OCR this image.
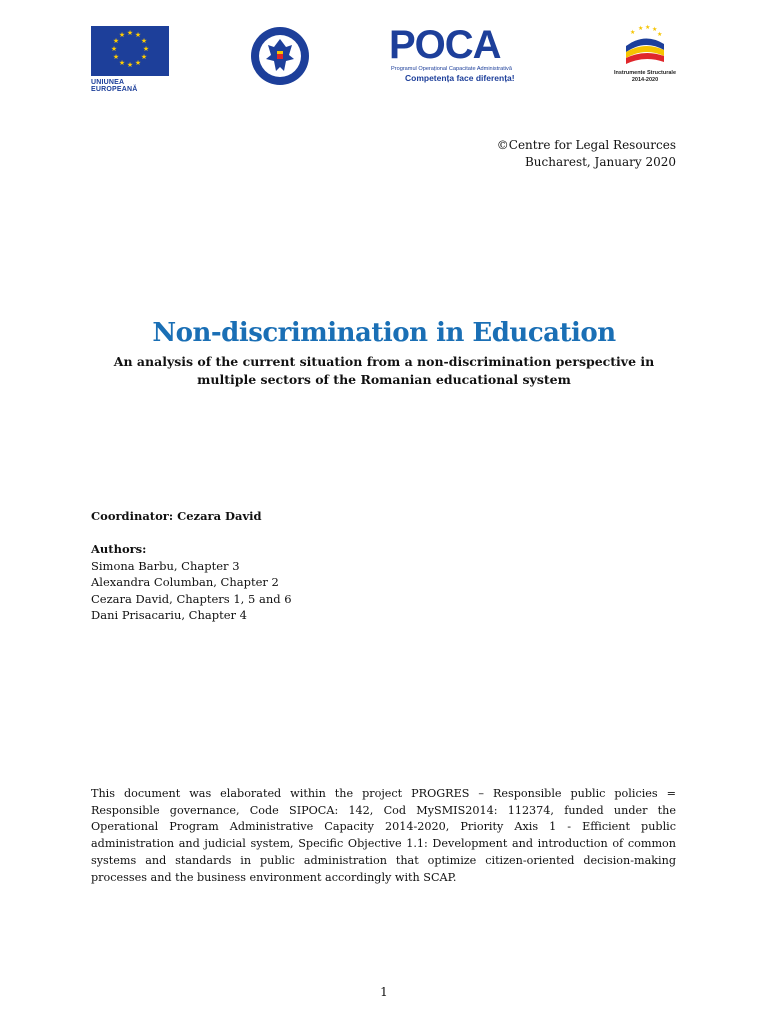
★ ★
★
★
★
★
★
★
★
★
★
★
UNIUNEA EUROPEANĂ
POCA
Programul Operațional Capacitate Administrativă
Competența face diferența!
★ ★ ★
★
★
Instrumente Structurale
2014-2020
©Centre for Legal Resources
Bucharest, January 2020
Non-discrimination in Education
An analysis of the current situation from a non-discrimination perspective in multiple sectors of the Romanian educational system
Coordinator: Cezara David
Authors:
Simona Barbu, Chapter 3
Alexandra Columban, Chapter 2
Cezara David, Chapters 1, 5 and 6
Dani Prisacariu, Chapter 4
This document was elaborated within the project PROGRES – Responsible public policies = Responsible governance, Code SIPOCA: 142, Cod MySMIS2014: 112374, funded under the Operational Program Administrative Capacity 2014-2020, Priority Axis 1 - Efficient public administration and judicial system, Specific Objective 1.1: Development and introduction of common systems and standards in public administration that optimize citizen-oriented decision-making processes and the business environment accordingly with SCAP.
1
